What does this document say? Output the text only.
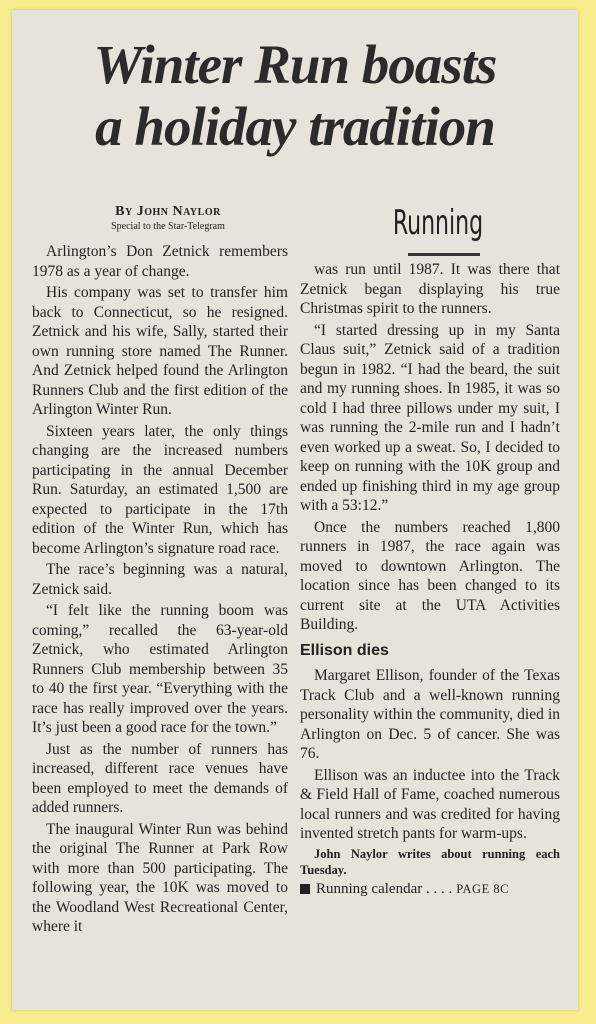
Winter Run boasts
a holiday tradition
By John Naylor
Special to the Star-Telegram	Running

Arlington’s Don Zetnick remembers 1978 as a year of change.

His company was set to transfer him back to Connecticut, so he resigned. Zetnick and his wife, Sally, started their own running store named The Runner. And Zetnick helped found the Arlington Runners Club and the first edition of the Arlington Winter Run.

Sixteen years later, the only things changing are the increased numbers participating in the annual December Run. Saturday, an estimated 1,500 are expected to participate in the 17th edition of the Winter Run, which has become Arlington’s signature road race.

The race’s beginning was a natural, Zetnick said.

“I felt like the running boom was coming,” recalled the 63-year-old Zetnick, who estimated Arlington Runners Club membership between 35 to 40 the first year. “Everything with the race has really improved over the years. It’s just been a good race for the town.”

Just as the number of runners has increased, different race venues have been employed to meet the demands of added runners.

The inaugural Winter Run was behind the original The Runner at Park Row with more than 500 participating. The following year, the 10K was moved to the Woodland West Recreational Center, where it

was run until 1987. It was there that Zetnick began displaying his true Christmas spirit to the runners.

“I started dressing up in my Santa Claus suit,” Zetnick said of a tradition begun in 1982. “I had the beard, the suit and my running shoes. In 1985, it was so cold I had three pillows under my suit, I was running the 2-mile run and I hadn’t even worked up a sweat. So, I decided to keep on running with the 10K group and ended up finishing third in my age group with a 53:12.”

Once the numbers reached 1,800 runners in 1987, the race again was moved to downtown Arlington. The location since has been changed to its current site at the UTA Activities Building.

Ellison dies

Margaret Ellison, founder of the Texas Track Club and a well-known running personality within the community, died in Arlington on Dec. 5 of cancer. She was 76.

Ellison was an inductee into the Track & Field Hall of Fame, coached numerous local runners and was credited for having invented stretch pants for warm-ups.

John Naylor writes about running each Tuesday.

Running calendar . . . . PAGE 8C
